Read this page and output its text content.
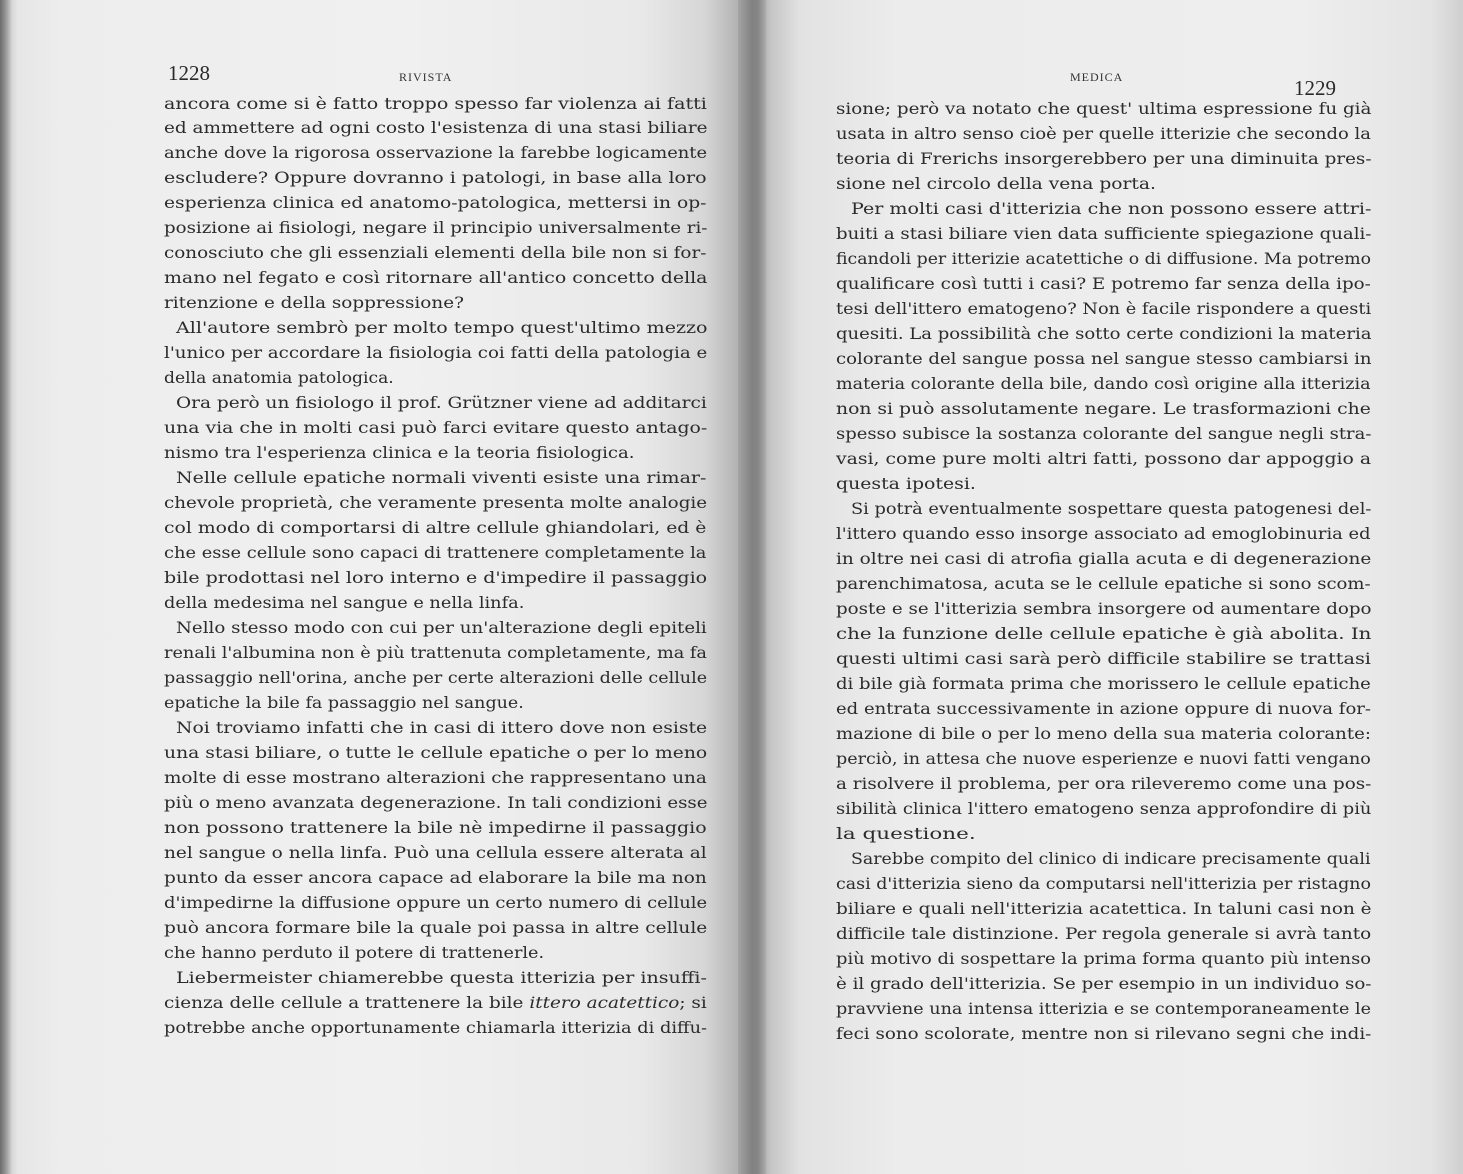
1228	RIVISTA
ancora come si è fatto troppo spesso far violenza ai fatti
ed ammettere ad ogni costo l'esistenza di una stasi biliare
anche dove la rigorosa osservazione la farebbe logicamente
escludere? Oppure dovranno i patologi, in base alla loro
esperienza clinica ed anatomo-patologica, mettersi in op-
posizione ai fisiologi, negare il principio universalmente ri-
conosciuto che gli essenziali elementi della bile non si for-
mano nel fegato e così ritornare all'antico concetto della
ritenzione e della soppressione?
All'autore sembrò per molto tempo quest'ultimo mezzo
l'unico per accordare la fisiologia coi fatti della patologia e
della anatomia patologica.
Ora però un fisiologo il prof. Grützner viene ad additarci
una via che in molti casi può farci evitare questo antago-
nismo tra l'esperienza clinica e la teoria fisiologica.
Nelle cellule epatiche normali viventi esiste una rimar-
chevole proprietà, che veramente presenta molte analogie
col modo di comportarsi di altre cellule ghiandolari, ed è
che esse cellule sono capaci di trattenere completamente la
bile prodottasi nel loro interno e d'impedire il passaggio
della medesima nel sangue e nella linfa.
Nello stesso modo con cui per un'alterazione degli epiteli
renali l'albumina non è più trattenuta completamente, ma fa
passaggio nell'orina, anche per certe alterazioni delle cellule
epatiche la bile fa passaggio nel sangue.
Noi troviamo infatti che in casi di ittero dove non esiste
una stasi biliare, o tutte le cellule epatiche o per lo meno
molte di esse mostrano alterazioni che rappresentano una
più o meno avanzata degenerazione. In tali condizioni esse
non possono trattenere la bile nè impedirne il passaggio
nel sangue o nella linfa. Può una cellula essere alterata al
punto da esser ancora capace ad elaborare la bile ma non
d'impedirne la diffusione oppure un certo numero di cellule
può ancora formare bile la quale poi passa in altre cellule
che hanno perduto il potere di trattenerle.
Liebermeister chiamerebbe questa itterizia per insuffi-
cienza delle cellule a trattenere la bile ittero acatettico; si
potrebbe anche opportunamente chiamarla itterizia di diffu-
MEDICA	1229
sione; però va notato che quest' ultima espressione fu già
usata in altro senso cioè per quelle itterizie che secondo la
teoria di Frerichs insorgerebbero per una diminuita pres-
sione nel circolo della vena porta.
Per molti casi d'itterizia che non possono essere attri-
buiti a stasi biliare vien data sufficiente spiegazione quali-
ficandoli per itterizie acatettiche o di diffusione. Ma potremo
qualificare così tutti i casi? E potremo far senza della ipo-
tesi dell'ittero ematogeno? Non è facile rispondere a questi
quesiti. La possibilità che sotto certe condizioni la materia
colorante del sangue possa nel sangue stesso cambiarsi in
materia colorante della bile, dando così origine alla itterizia
non si può assolutamente negare. Le trasformazioni che
spesso subisce la sostanza colorante del sangue negli stra-
vasi, come pure molti altri fatti, possono dar appoggio a
questa ipotesi.
Si potrà eventualmente sospettare questa patogenesi del-
l'ittero quando esso insorge associato ad emoglobinuria ed
in oltre nei casi di atrofia gialla acuta e di degenerazione
parenchimatosa, acuta se le cellule epatiche si sono scom-
poste e se l'itterizia sembra insorgere od aumentare dopo
che la funzione delle cellule epatiche è già abolita. In
questi ultimi casi sarà però difficile stabilire se trattasi
di bile già formata prima che morissero le cellule epatiche
ed entrata successivamente in azione oppure di nuova for-
mazione di bile o per lo meno della sua materia colorante:
perciò, in attesa che nuove esperienze e nuovi fatti vengano
a risolvere il problema, per ora rileveremo come una pos-
sibilità clinica l'ittero ematogeno senza approfondire di più
la questione.
Sarebbe compito del clinico di indicare precisamente quali
casi d'itterizia sieno da computarsi nell'itterizia per ristagno
biliare e quali nell'itterizia acatettica. In taluni casi non è
difficile tale distinzione. Per regola generale si avrà tanto
più motivo di sospettare la prima forma quanto più intenso
è il grado dell'itterizia. Se per esempio in un individuo so-
pravviene una intensa itterizia e se contemporaneamente le
feci sono scolorate, mentre non si rilevano segni che indi-
